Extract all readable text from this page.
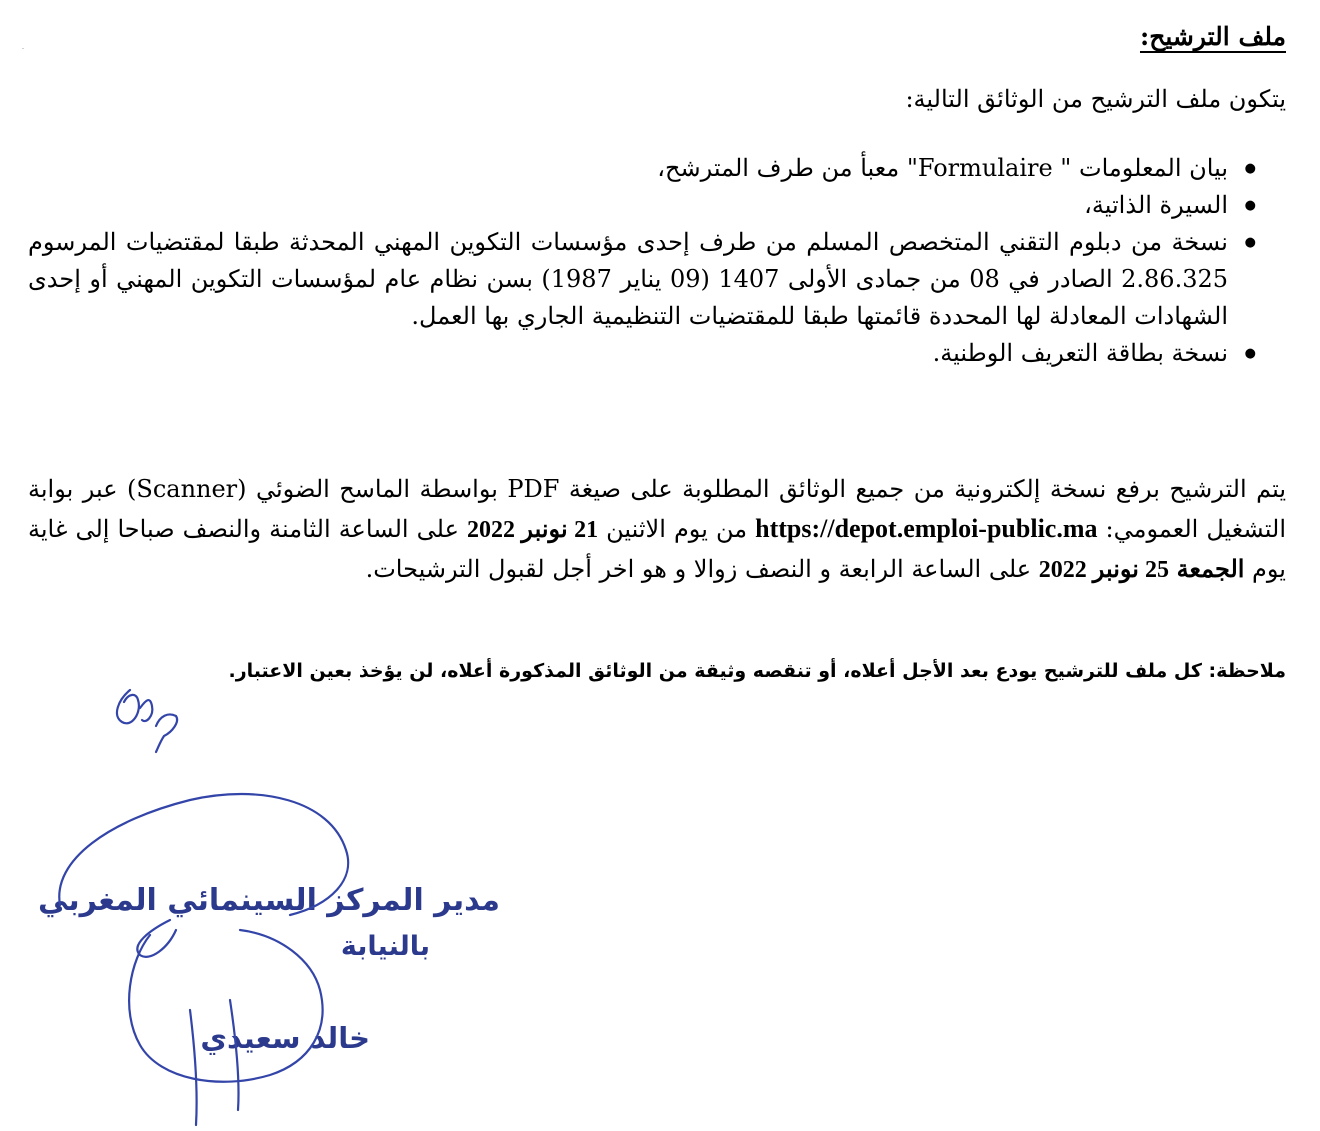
.	ملف الترشيح:
يتكون ملف الترشيح من الوثائق التالية:
● بيان المعلومات " Formulaire" معبأ من طرف المترشح،
● السيرة الذاتية،
● نسخة من دبلوم التقني المتخصص المسلم من طرف إحدى مؤسسات التكوين المهني المحدثة طبقا لمقتضيات المرسوم 2.86.325 الصادر في 08 من جمادى الأولى 1407 (09 يناير 1987) بسن نظام عام لمؤسسات التكوين المهني أو إحدى الشهادات المعادلة لها المحددة قائمتها طبقا للمقتضيات التنظيمية الجاري بها العمل.
● نسخة بطاقة التعريف الوطنية.

يتم الترشيح برفع نسخة إلكترونية من جميع الوثائق المطلوبة على صيغة PDF بواسطة الماسح الضوئي (Scanner) عبر بوابة التشغيل العمومي: https://depot.emploi-public.ma من يوم الاثنين 21 نونبر 2022 على الساعة الثامنة والنصف صباحا إلى غاية يوم الجمعة 25 نونبر 2022 على الساعة الرابعة و النصف زوالا و هو اخر أجل لقبول الترشيحات.

ملاحظة: كل ملف للترشيح يودع بعد الأجل أعلاه، أو تنقصه وثيقة من الوثائق المذكورة أعلاه، لن يؤخذ بعين الاعتبار.
مدير المركز السينمائي المغربي
بالنيابة
خالد سعيدي
